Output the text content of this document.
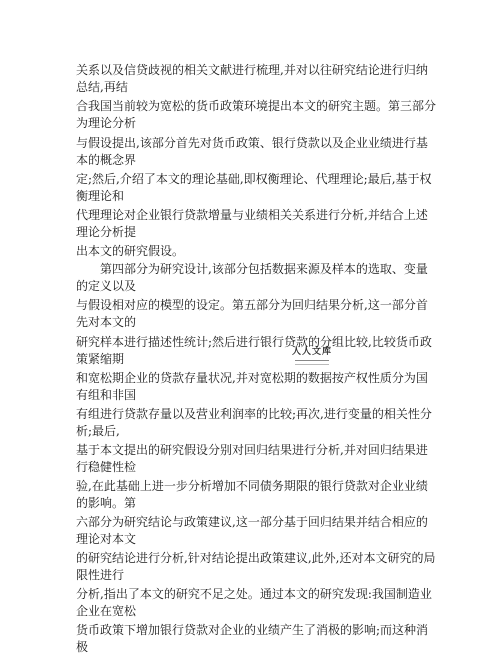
关系以及信贷歧视的相关文献进行梳理,并对以往研究结论进行归纳总结,再结

合我国当前较为宽松的货币政策环境提出本文的研究主题。第三部分为理论分析

与假设提出,该部分首先对货币政策、银行贷款以及企业业绩进行基本的概念界

定;然后,介绍了本文的理论基础,即权衡理论、代理理论;最后,基于权衡理论和

代理理论对企业银行贷款增量与业绩相关关系进行分析,并结合上述理论分析提

出本文的研究假设。

第四部分为研究设计,该部分包括数据来源及样本的选取、变量的定义以及

与假设相对应的模型的设定。第五部分为回归结果分析,这一部分首先对本文的

研究样本进行描述性统计;然后进行银行贷款的分组比较,比较货币政策紧缩期

和宽松期企业的贷款存量状况,并对宽松期的数据按产权性质分为国有组和非国

有组进行贷款存量以及营业利润率的比较;再次,进行变量的相关性分析;最后,

基于本文提出的研究假设分别对回归结果进行分析,并对回归结果进行稳健性检

验,在此基础上进一步分析增加不同债务期限的银行贷款对企业业绩的影响。第

六部分为研究结论与政策建议,这一部分基于回归结果并结合相应的理论对本文

的研究结论进行分析,针对结论提出政策建议,此外,还对本文研究的局限性进行

分析,指出了本文的研究不足之处。通过本文的研究发现:我国制造业企业在宽松

货币政策下增加银行贷款对企业的业绩产生了消极的影响;而这种消极

人人文库
